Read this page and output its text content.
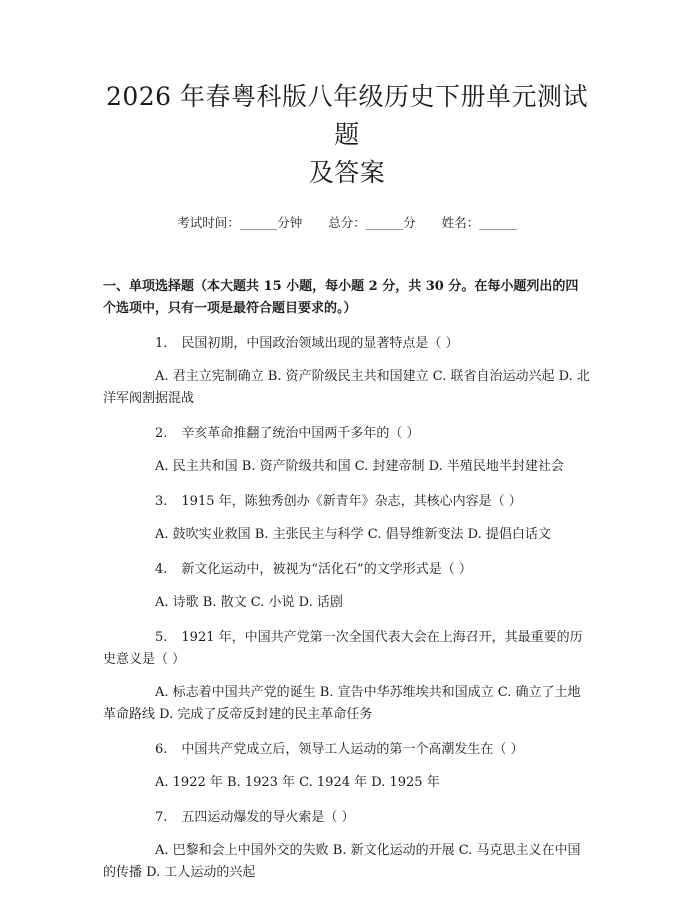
2026 年春粤科版八年级历史下册单元测试题
及答案
考试时间：______分钟 总分：______分 姓名：______
一、单项选择题（本大题共 15 小题，每小题 2 分，共 30 分。在每小题列出的四个选项中，只有一项是最符合题目要求的。）
1. 民国初期，中国政治领域出现的显著特点是（ ）
A. 君主立宪制确立 B. 资产阶级民主共和国建立 C. 联省自治运动兴起 D. 北洋军阀割据混战
2. 辛亥革命推翻了统治中国两千多年的（ ）
A. 民主共和国 B. 资产阶级共和国 C. 封建帝制 D. 半殖民地半封建社会
3. 1915 年，陈独秀创办《新青年》杂志，其核心内容是（ ）
A. 鼓吹实业救国 B. 主张民主与科学 C. 倡导维新变法 D. 提倡白话文
4. 新文化运动中，被视为“活化石”的文学形式是（ ）
A. 诗歌 B. 散文 C. 小说 D. 话剧
5. 1921 年，中国共产党第一次全国代表大会在上海召开，其最重要的历史意义是（ ）
A. 标志着中国共产党的诞生 B. 宣告中华苏维埃共和国成立 C. 确立了土地革命路线 D. 完成了反帝反封建的民主革命任务
6. 中国共产党成立后，领导工人运动的第一个高潮发生在（ ）
A. 1922 年 B. 1923 年 C. 1924 年 D. 1925 年
7. 五四运动爆发的导火索是（ ）
A. 巴黎和会上中国外交的失败 B. 新文化运动的开展 C. 马克思主义在中国的传播 D. 工人运动的兴起
